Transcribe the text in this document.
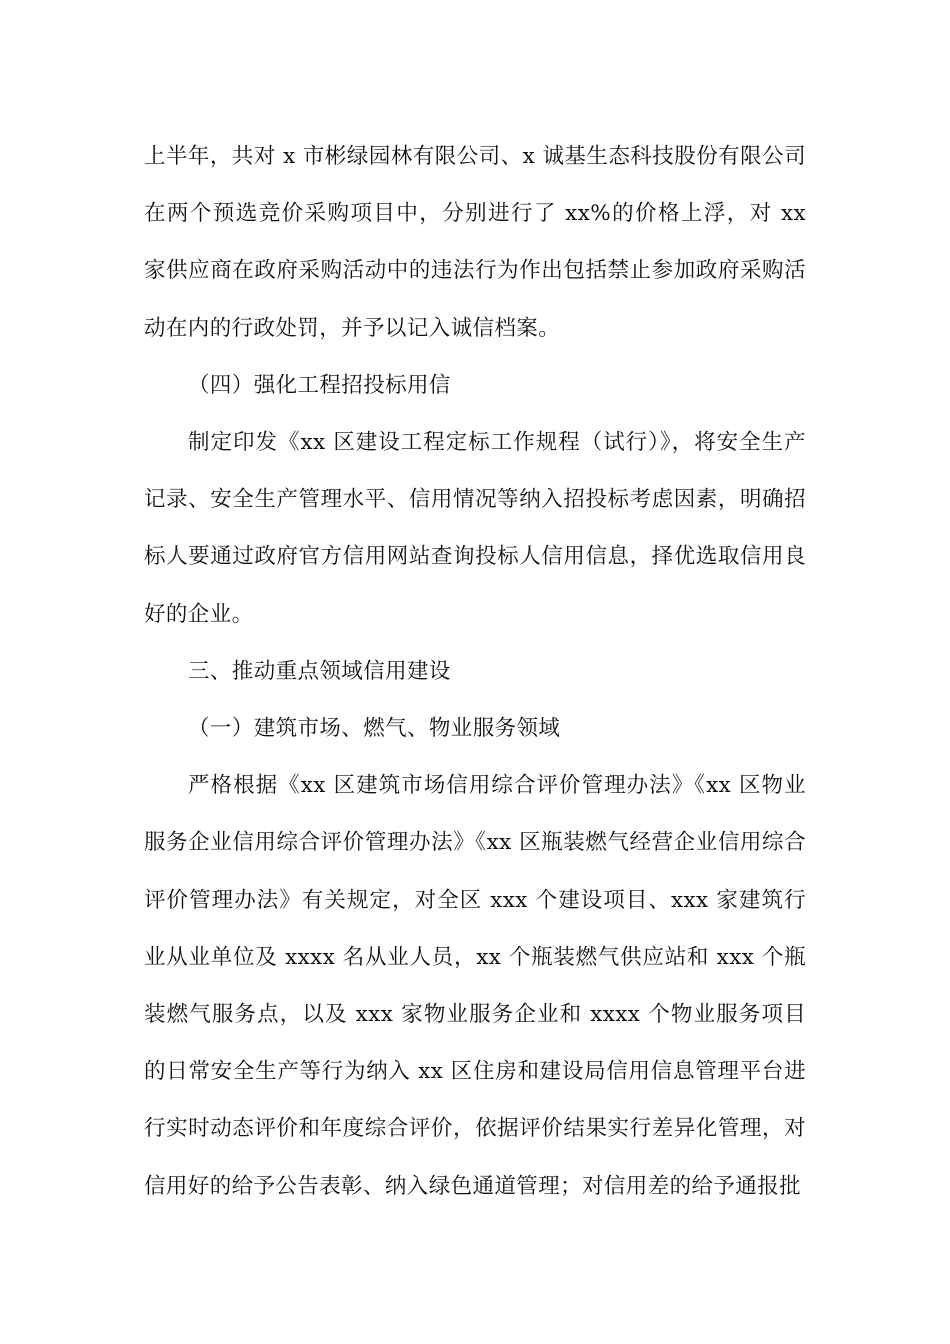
上半年，共对 x 市彬绿园林有限公司、x 诚基生态科技股份有限公司在两个预选竞价采购项目中，分别进行了 xx%的价格上浮，对 xx 家供应商在政府采购活动中的违法行为作出包括禁止参加政府采购活动在内的行政处罚，并予以记入诚信档案。

（四）强化工程招投标用信

制定印发《xx 区建设工程定标工作规程（试行）》，将安全生产记录、安全生产管理水平、信用情况等纳入招投标考虑因素，明确招标人要通过政府官方信用网站查询投标人信用信息，择优选取信用良好的企业。

三、推动重点领域信用建设

（一）建筑市场、燃气、物业服务领域

严格根据《xx 区建筑市场信用综合评价管理办法》《xx 区物业服务企业信用综合评价管理办法》《xx 区瓶装燃气经营企业信用综合评价管理办法》有关规定，对全区 xxx 个建设项目、xxx 家建筑行业从业单位及 xxxx 名从业人员，xx 个瓶装燃气供应站和 xxx 个瓶装燃气服务点，以及 xxx 家物业服务企业和 xxxx 个物业服务项目的日常安全生产等行为纳入 xx 区住房和建设局信用信息管理平台进行实时动态评价和年度综合评价，依据评价结果实行差异化管理，对信用好的给予公告表彰、纳入绿色通道管理；对信用差的给予通报批
